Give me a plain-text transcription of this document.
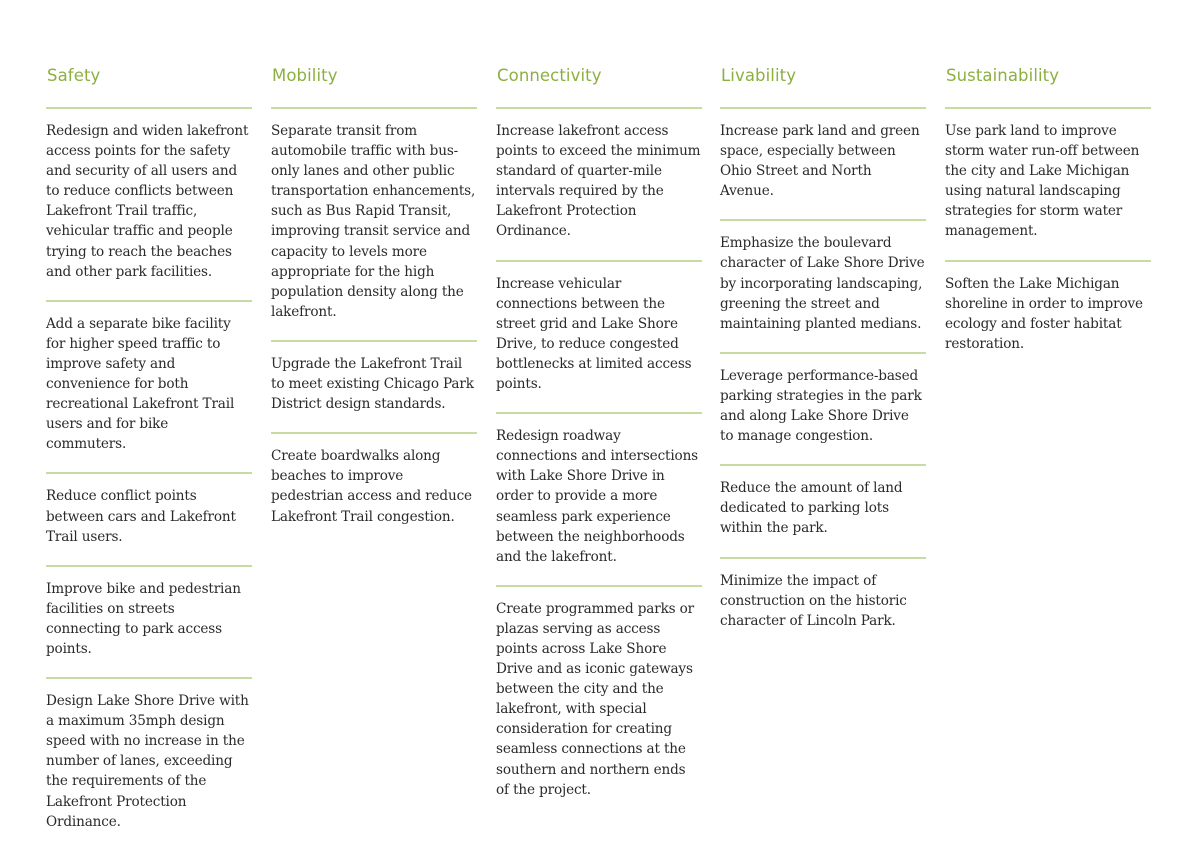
Safety

Redesign and widen lakefront access points for the safety and security of all users and to reduce conflicts between Lakefront Trail traffic, vehicular traffic and people trying to reach the beaches and other park facilities.

Add a separate bike facility for higher speed traffic to improve safety and convenience for both recreational Lakefront Trail users and for bike commuters.

Reduce conflict points between cars and Lakefront Trail users.

Improve bike and pedestrian facilities on streets connecting to park access points.

Design Lake Shore Drive with a maximum 35mph design speed with no increase in the number of lanes, exceeding the requirements of the Lakefront Protection Ordinance.

Mobility

Separate transit from automobile traffic with bus-only lanes and other public transportation enhancements, such as Bus Rapid Transit, improving transit service and capacity to levels more appropriate for the high population density along the lakefront.

Upgrade the Lakefront Trail to meet existing Chicago Park District design standards.

Create boardwalks along beaches to improve pedestrian access and reduce Lakefront Trail congestion.

Connectivity

Increase lakefront access points to exceed the minimum standard of quarter-mile intervals required by the Lakefront Protection Ordinance.

Increase vehicular connections between the street grid and Lake Shore Drive, to reduce congested bottlenecks at limited access points.

Redesign roadway connections and intersections with Lake Shore Drive in order to provide a more seamless park experience between the neighborhoods and the lakefront.

Create programmed parks or plazas serving as access points across Lake Shore Drive and as iconic gateways between the city and the lakefront, with special consideration for creating seamless connections at the southern and northern ends of the project.

Livability

Increase park land and green space, especially between Ohio Street and North Avenue.

Emphasize the boulevard character of Lake Shore Drive by incorporating landscaping, greening the street and maintaining planted medians.

Leverage performance-based parking strategies in the park and along Lake Shore Drive to manage congestion.

Reduce the amount of land dedicated to parking lots within the park.

Minimize the impact of construction on the historic character of Lincoln Park.

Sustainability

Use park land to improve storm water run-off between the city and Lake Michigan using natural landscaping strategies for storm water management.

Soften the Lake Michigan shoreline in order to improve ecology and foster habitat restoration.
